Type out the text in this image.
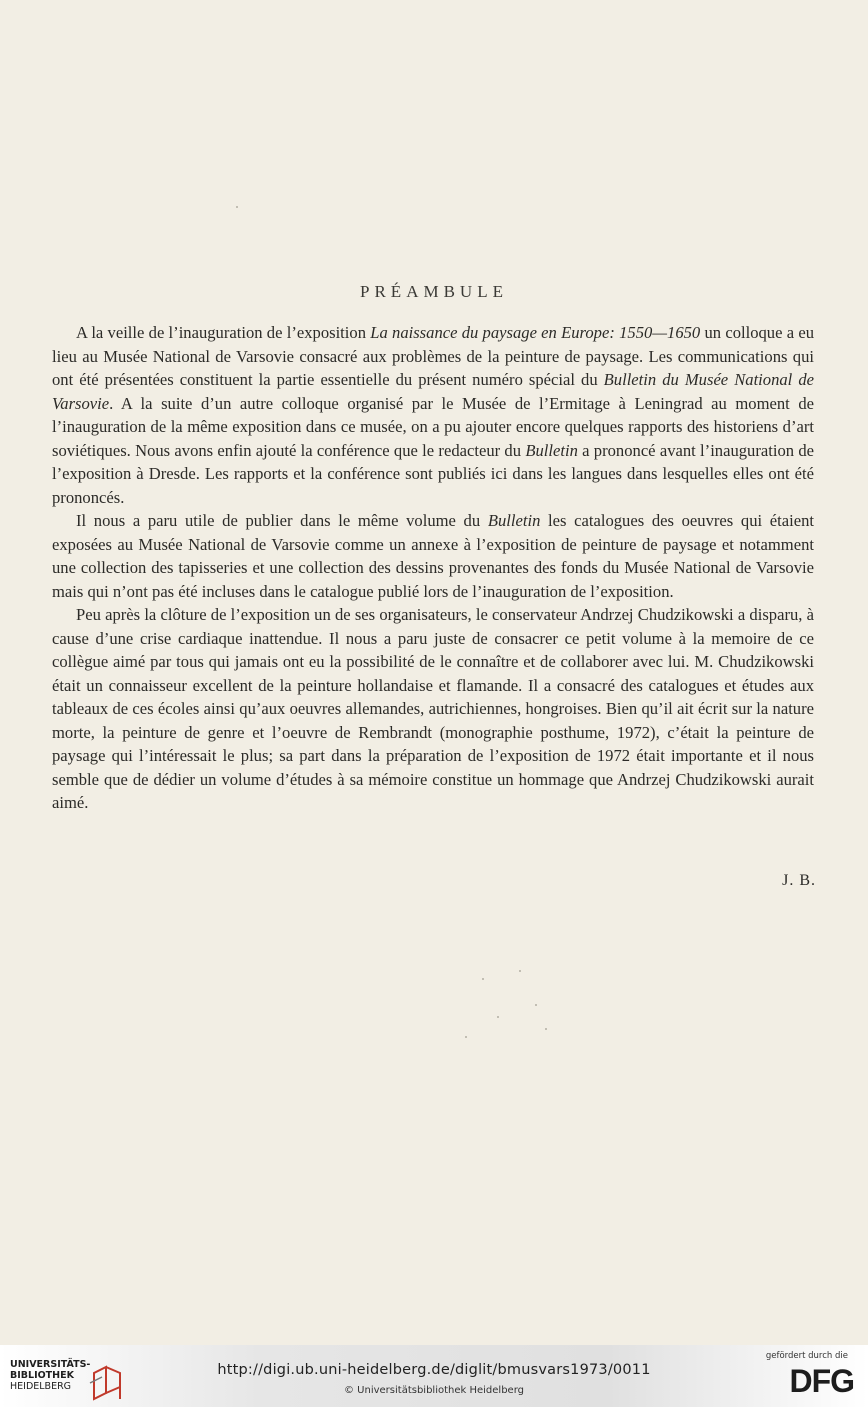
PRÉAMBULE

A la veille de l’inauguration de l’exposition La naissance du paysage en Europe: 1550—1650 un colloque a eu lieu au Musée National de Varsovie consacré aux problèmes de la peinture de paysage. Les communications qui ont été présentées constituent la partie essentielle du présent numéro spécial du Bulletin du Musée National de Varsovie. A la suite d’un autre colloque organisé par le Musée de l’Ermitage à Leningrad au moment de l’inauguration de la même exposition dans ce musée, on a pu ajouter encore quelques rapports des historiens d’art soviétiques. Nous avons enfin ajouté la conférence que le redacteur du Bulletin a prononcé avant l’inauguration de l’exposition à Dresde. Les rapports et la conférence sont publiés ici dans les langues dans lesquelles elles ont été prononcés.

Il nous a paru utile de publier dans le même volume du Bulletin les catalogues des oeuvres qui étaient exposées au Musée National de Varsovie comme un annexe à l’exposition de peinture de paysage et notamment une collection des tapisseries et une collection des dessins provenantes des fonds du Musée National de Varsovie mais qui n’ont pas été incluses dans le catalogue publié lors de l’inauguration de l’exposition.

Peu après la clôture de l’exposition un de ses organisateurs, le conservateur Andrzej Chudzikowski a disparu, à cause d’une crise cardiaque inattendue. Il nous a paru juste de consacrer ce petit volume à la memoire de ce collègue aimé par tous qui jamais ont eu la possibilité de le connaître et de collaborer avec lui. M. Chudzikowski était un connaisseur excellent de la peinture hollandaise et flamande. Il a consacré des catalogues et études aux tableaux de ces écoles ainsi qu’aux oeuvres allemandes, autrichiennes, hongroises. Bien qu’il ait écrit sur la nature morte, la peinture de genre et l’oeuvre de Rembrandt (monographie posthume, 1972), c’était la peinture de paysage qui l’intéressait le plus; sa part dans la préparation de l’exposition de 1972 était importante et il nous semble que de dédier un volume d’études à sa mémoire constitue un hommage que Andrzej Chudzikowski aurait aimé.

J. B.
UNIVERSITÄTS-
BIBLIOTHEK
HEIDELBERG
http://digi.ub.uni-heidelberg.de/diglit/bmusvars1973/0011
© Universitätsbibliothek Heidelberg
gefördert durch die
DFG
